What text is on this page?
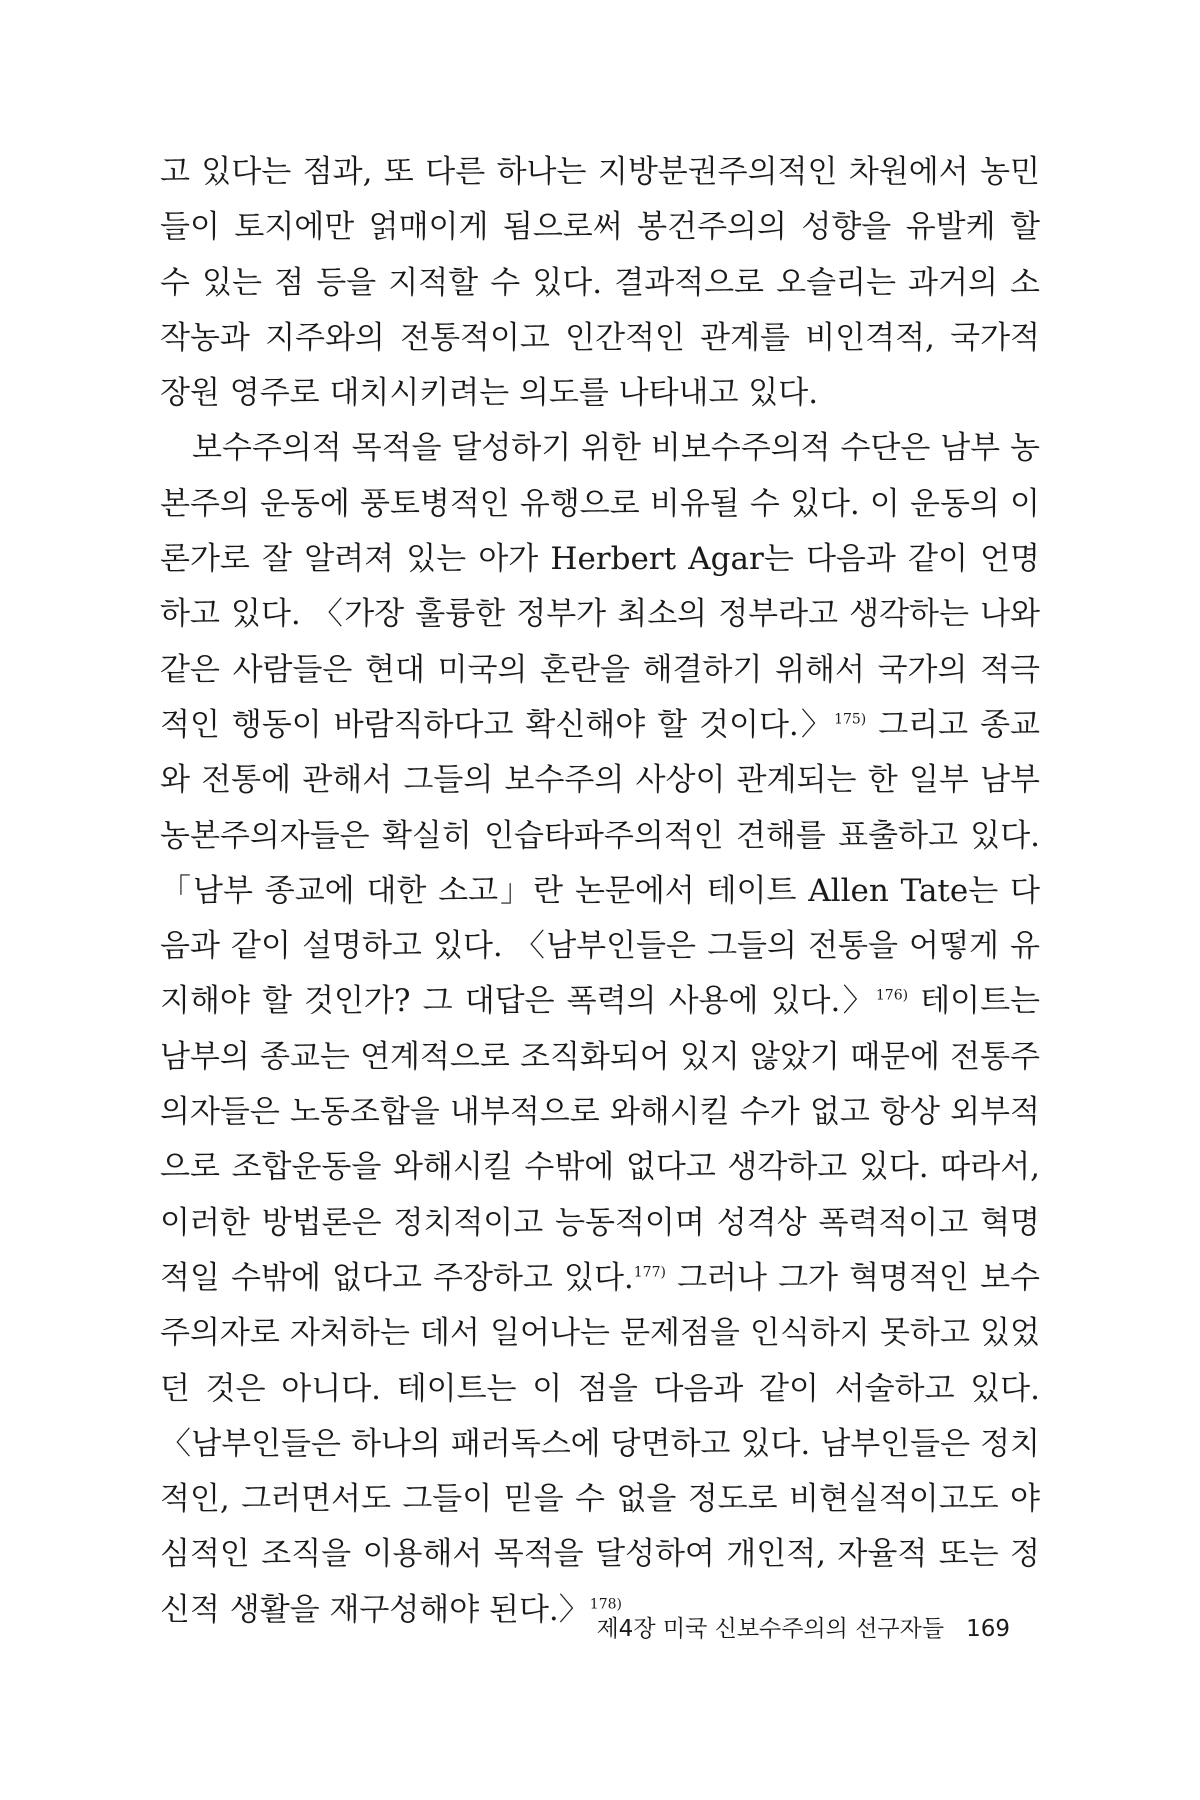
고 있다는 점과, 또 다른 하나는 지방분권주의적인 차원에서 농민들이 토지에만 얽매이게 됨으로써 봉건주의의 성향을 유발케 할 수 있는 점 등을 지적할 수 있다. 결과적으로 오슬리는 과거의 소작농과 지주와의 전통적이고 인간적인 관계를 비인격적, 국가적 장원 영주로 대치시키려는 의도를 나타내고 있다.

보수주의적 목적을 달성하기 위한 비보수주의적 수단은 남부 농본주의 운동에 풍토병적인 유행으로 비유될 수 있다. 이 운동의 이론가로 잘 알려져 있는 아가 Herbert Agar는 다음과 같이 언명하고 있다. 〈가장 훌륭한 정부가 최소의 정부라고 생각하는 나와 같은 사람들은 현대 미국의 혼란을 해결하기 위해서 국가의 적극적인 행동이 바람직하다고 확신해야 할 것이다.〉$^{175)}$ 그리고 종교와 전통에 관해서 그들의 보수주의 사상이 관계되는 한 일부 남부 농본주의자들은 확실히 인습타파주의적인 견해를 표출하고 있다. 「남부 종교에 대한 소고」란 논문에서 테이트 Allen Tate는 다음과 같이 설명하고 있다. 〈남부인들은 그들의 전통을 어떻게 유지해야 할 것인가? 그 대답은 폭력의 사용에 있다.〉$^{176)}$ 테이트는 남부의 종교는 연계적으로 조직화되어 있지 않았기 때문에 전통주의자들은 노동조합을 내부적으로 와해시킬 수가 없고 항상 외부적으로 조합운동을 와해시킬 수밖에 없다고 생각하고 있다. 따라서, 이러한 방법론은 정치적이고 능동적이며 성격상 폭력적이고 혁명적일 수밖에 없다고 주장하고 있다.$^{177)}$ 그러나 그가 혁명적인 보수주의자로 자처하는 데서 일어나는 문제점을 인식하지 못하고 있었던 것은 아니다. 테이트는 이 점을 다음과 같이 서술하고 있다. 〈남부인들은 하나의 패러독스에 당면하고 있다. 남부인들은 정치적인, 그러면서도 그들이 믿을 수 없을 정도로 비현실적이고도 야심적인 조직을 이용해서 목적을 달성하여 개인적, 자율적 또는 정신적 생활을 재구성해야 된다.〉$^{178)}$

제4장 미국 신보수주의의 선구자들 169
